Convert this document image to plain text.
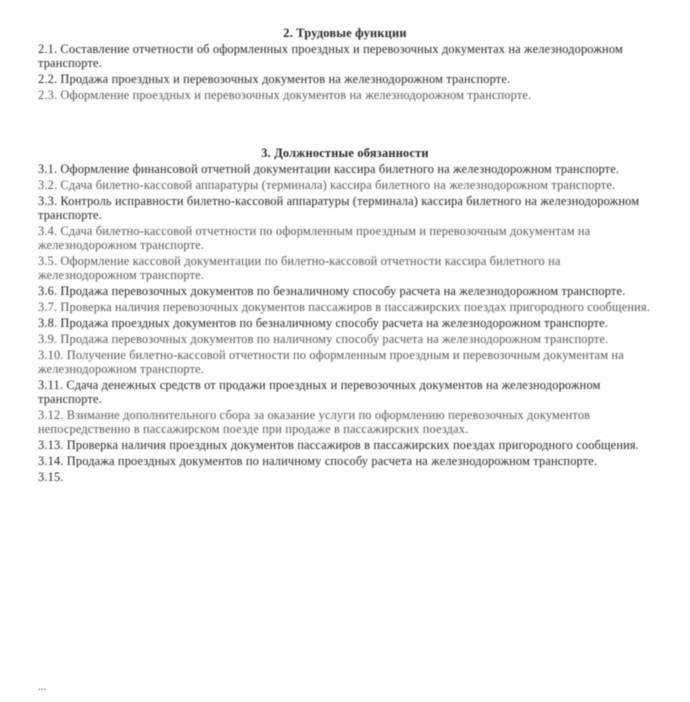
2. Трудовые функции
2.1. Составление отчетности об оформленных проездных и перевозочных документах на железнодорожном транспорте.
2.2. Продажа проездных и перевозочных документов на железнодорожном транспорте.
2.3. Оформление проездных и перевозочных документов на железнодорожном транспорте.
3. Должностные обязанности
3.1. Оформление финансовой отчетной документации кассира билетного на железнодорожном транспорте.
3.2. Сдача билетно-кассовой аппаратуры (терминала) кассира билетного на железнодорожном транспорте.
3.3. Контроль исправности билетно-кассовой аппаратуры (терминала) кассира билетного на железнодорожном транспорте.
3.4. Сдача билетно-кассовой отчетности по оформленным проездным и перевозочным документам на железнодорожном транспорте.
3.5. Оформление кассовой документации по билетно-кассовой отчетности кассира билетного на железнодорожном транспорте.
3.6. Продажа перевозочных документов по безналичному способу расчета на железнодорожном транспорте.
3.7. Проверка наличия перевозочных документов пассажиров в пассажирских поездах пригородного сообщения.
3.8. Продажа проездных документов по безналичному способу расчета на железнодорожном транспорте.
3.9. Продажа перевозочных документов по наличному способу расчета на железнодорожном транспорте.
3.10. Получение билетно-кассовой отчетности по оформленным проездным и перевозочным документам на железнодорожном транспорте.
3.11. Сдача денежных средств от продажи проездных и перевозочных документов на железнодорожном транспорте.
3.12. Взимание дополнительного сбора за оказание услуги по оформлению перевозочных документов непосредственно в пассажирском поезде при продаже в пассажирских поездах.
3.13. Проверка наличия проездных документов пассажиров в пассажирских поездах пригородного сообщения.
3.14. Продажа проездных документов по наличному способу расчета на железнодорожном транспорте.
3.15.
...
